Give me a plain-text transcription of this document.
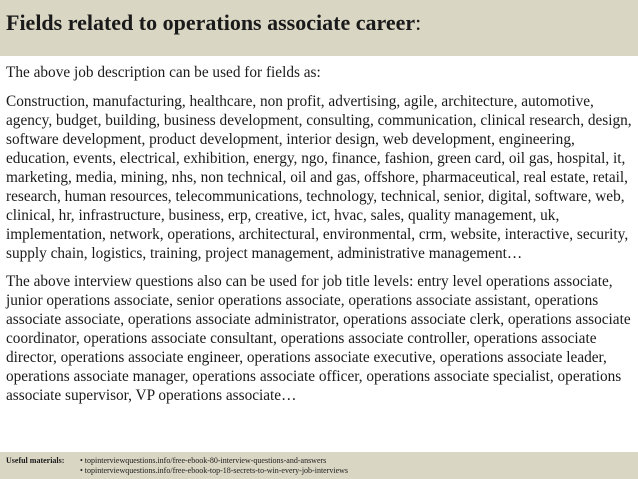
Fields related to operations associate career:

The above job description can be used for fields as:

Construction, manufacturing, healthcare, non profit, advertising, agile, architecture, automotive, agency, budget, building, business development, consulting, communication, clinical research, design, software development, product development, interior design, web development, engineering, education, events, electrical, exhibition, energy, ngo, finance, fashion, green card, oil gas, hospital, it, marketing, media, mining, nhs, non technical, oil and gas, offshore, pharmaceutical, real estate, retail, research, human resources, telecommunications, technology, technical, senior, digital, software, web, clinical, hr, infrastructure, business, erp, creative, ict, hvac, sales, quality management, uk, implementation, network, operations, architectural, environmental, crm, website, interactive, security, supply chain, logistics, training, project management, administrative management…

The above interview questions also can be used for job title levels: entry level operations associate, junior operations associate, senior operations associate, operations associate assistant, operations associate associate, operations associate administrator, operations associate clerk, operations associate coordinator, operations associate consultant, operations associate controller, operations associate director, operations associate engineer, operations associate executive, operations associate leader, operations associate manager, operations associate officer, operations associate specialist, operations associate supervisor, VP operations associate…

Useful materials: • topinterviewquestions.info/free-ebook-80-interview-questions-and-answers
• topinterviewquestions.info/free-ebook-top-18-secrets-to-win-every-job-interviews
